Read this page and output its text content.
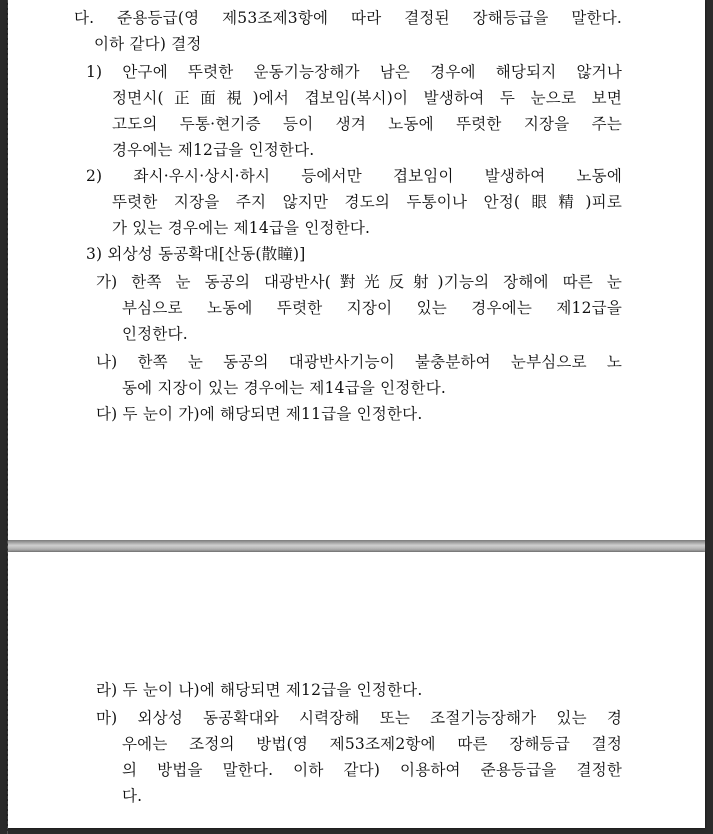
다. 준용등급(영 제53조제3항에 따라 결정된 장해등급을 말한다.
이하 같다) 결정
1) 안구에 뚜렷한 운동기능장해가 남은 경우에 해당되지 않거나
정면시(正面視)에서 겹보임(복시)이 발생하여 두 눈으로 보면
고도의 두통·현기증 등이 생겨 노동에 뚜렷한 지장을 주는
경우에는 제12급을 인정한다.
2) 좌시·우시·상시·하시 등에서만 겹보임이 발생하여 노동에
뚜렷한 지장을 주지 않지만 경도의 두통이나 안정(眼精)피로
가 있는 경우에는 제14급을 인정한다.
3) 외상성 동공확대[산동(散瞳)]
가) 한쪽 눈 동공의 대광반사(對光反射)기능의 장해에 따른 눈
부심으로 노동에 뚜렷한 지장이 있는 경우에는 제12급을
인정한다.
나) 한쪽 눈 동공의 대광반사기능이 불충분하여 눈부심으로 노
동에 지장이 있는 경우에는 제14급을 인정한다.
다) 두 눈이 가)에 해당되면 제11급을 인정한다.
라) 두 눈이 나)에 해당되면 제12급을 인정한다.
마) 외상성 동공확대와 시력장해 또는 조절기능장해가 있는 경
우에는 조정의 방법(영 제53조제2항에 따른 장해등급 결정
의 방법을 말한다. 이하 같다) 이용하여 준용등급을 결정한
다.
